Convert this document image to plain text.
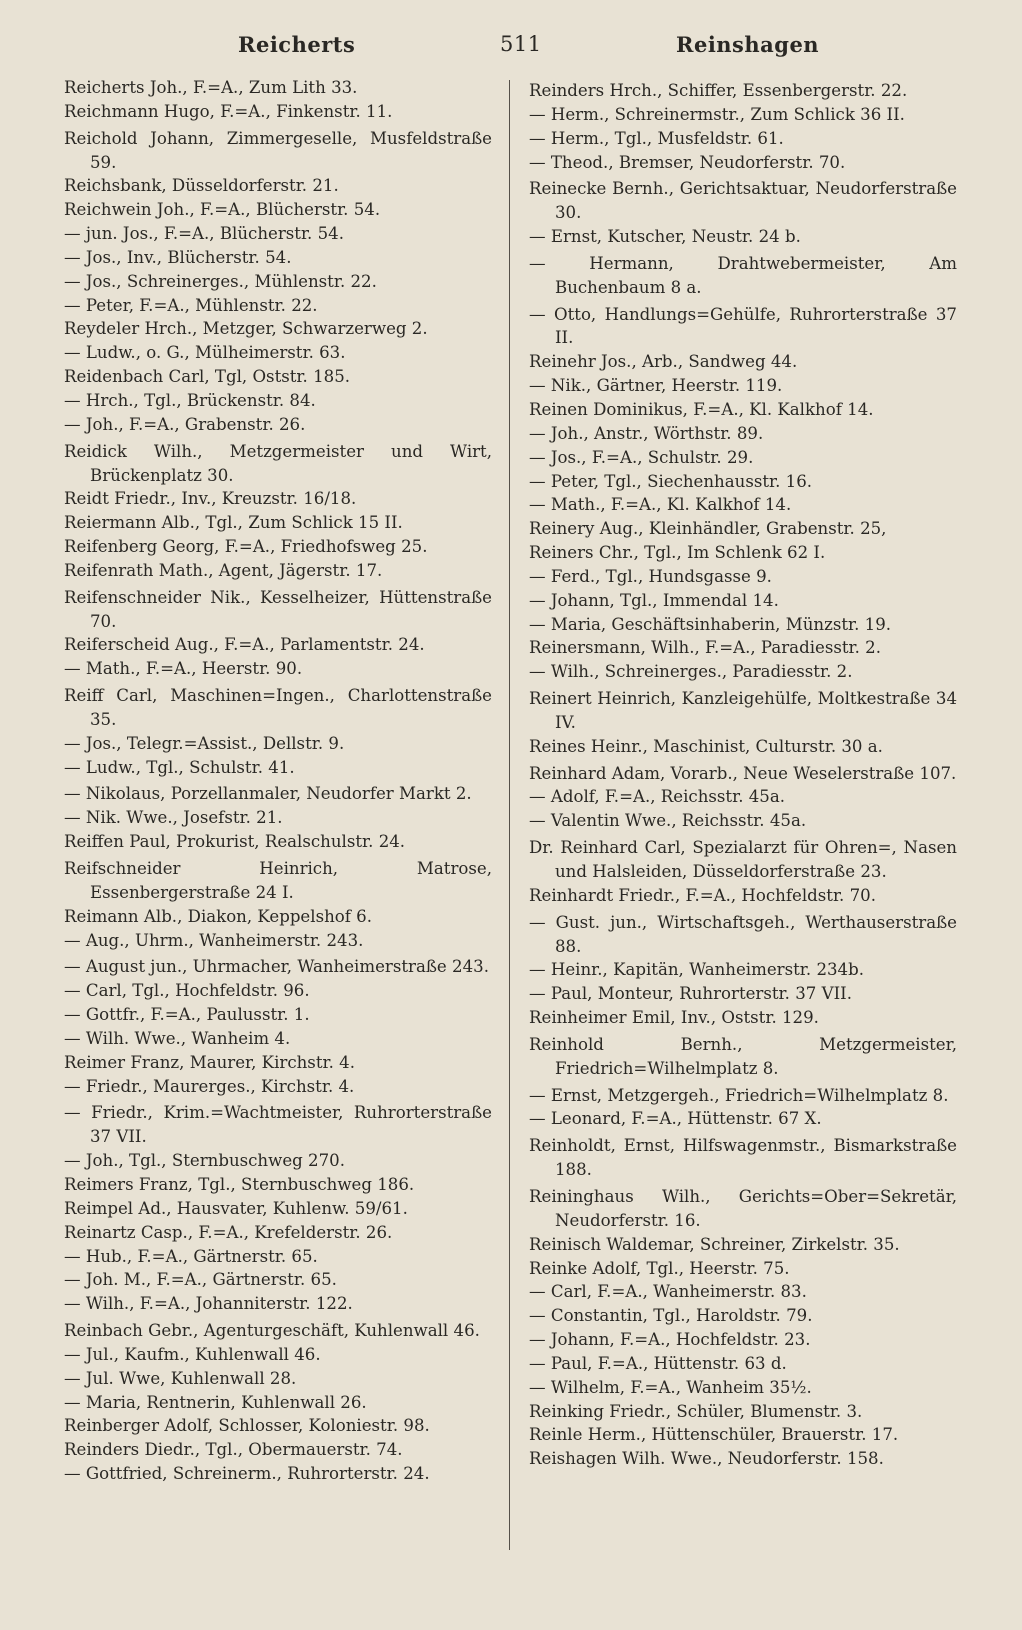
Reicherts	511	Reinshagen
Reicherts Joh., F.=A., Zum Lith 33.
Reichmann Hugo, F.=A., Finkenstr. 11.
Reichold Johann, Zimmergeselle, Musfeldstraße 59.
Reichsbank, Düsseldorferstr. 21.
Reichwein Joh., F.=A., Blücherstr. 54.
— jun. Jos., F.=A., Blücherstr. 54.
— Jos., Inv., Blücherstr. 54.
— Jos., Schreinerges., Mühlenstr. 22.
— Peter, F.=A., Mühlenstr. 22.
Reydeler Hrch., Metzger, Schwarzerweg 2.
— Ludw., o. G., Mülheimerstr. 63.
Reidenbach Carl, Tgl, Oststr. 185.
— Hrch., Tgl., Brückenstr. 84.
— Joh., F.=A., Grabenstr. 26.
Reidick Wilh., Metzgermeister und Wirt, Brückenplatz 30.
Reidt Friedr., Inv., Kreuzstr. 16/18.
Reiermann Alb., Tgl., Zum Schlick 15 II.
Reifenberg Georg, F.=A., Friedhofsweg 25.
Reifenrath Math., Agent, Jägerstr. 17.
Reifenschneider Nik., Kesselheizer, Hüttenstraße 70.
Reiferscheid Aug., F.=A., Parlamentstr. 24.
— Math., F.=A., Heerstr. 90.
Reiff Carl, Maschinen=Ingen., Charlottenstraße 35.
— Jos., Telegr.=Assist., Dellstr. 9.
— Ludw., Tgl., Schulstr. 41.
— Nikolaus, Porzellanmaler, Neudorfer Markt 2.
— Nik. Wwe., Josefstr. 21.
Reiffen Paul, Prokurist, Realschulstr. 24.
Reifschneider Heinrich, Matrose, Essenbergerstraße 24 I.
Reimann Alb., Diakon, Keppelshof 6.
— Aug., Uhrm., Wanheimerstr. 243.
— August jun., Uhrmacher, Wanheimerstraße 243.
— Carl, Tgl., Hochfeldstr. 96.
— Gottfr., F.=A., Paulusstr. 1.
— Wilh. Wwe., Wanheim 4.
Reimer Franz, Maurer, Kirchstr. 4.
— Friedr., Maurerges., Kirchstr. 4.
— Friedr., Krim.=Wachtmeister, Ruhrorterstraße 37 VII.
— Joh., Tgl., Sternbuschweg 270.
Reimers Franz, Tgl., Sternbuschweg 186.
Reimpel Ad., Hausvater, Kuhlenw. 59/61.
Reinartz Casp., F.=A., Krefelderstr. 26.
— Hub., F.=A., Gärtnerstr. 65.
— Joh. M., F.=A., Gärtnerstr. 65.
— Wilh., F.=A., Johanniterstr. 122.
Reinbach Gebr., Agenturgeschäft, Kuhlenwall 46.
— Jul., Kaufm., Kuhlenwall 46.
— Jul. Wwe, Kuhlenwall 28.
— Maria, Rentnerin, Kuhlenwall 26.
Reinberger Adolf, Schlosser, Koloniestr. 98.
Reinders Diedr., Tgl., Obermauerstr. 74.
— Gottfried, Schreinerm., Ruhrorterstr. 24.
Reinders Hrch., Schiffer, Essenbergerstr. 22.
— Herm., Schreinermstr., Zum Schlick 36 II.
— Herm., Tgl., Musfeldstr. 61.
— Theod., Bremser, Neudorferstr. 70.
Reinecke Bernh., Gerichtsaktuar, Neudorferstraße 30.
— Ernst, Kutscher, Neustr. 24 b.
— Hermann, Drahtwebermeister, Am Buchenbaum 8 a.
— Otto, Handlungs=Gehülfe, Ruhrorterstraße 37 II.
Reinehr Jos., Arb., Sandweg 44.
— Nik., Gärtner, Heerstr. 119.
Reinen Dominikus, F.=A., Kl. Kalkhof 14.
— Joh., Anstr., Wörthstr. 89.
— Jos., F.=A., Schulstr. 29.
— Peter, Tgl., Siechenhausstr. 16.
— Math., F.=A., Kl. Kalkhof 14.
Reinery Aug., Kleinhändler, Grabenstr. 25,
Reiners Chr., Tgl., Im Schlenk 62 I.
— Ferd., Tgl., Hundsgasse 9.
— Johann, Tgl., Immendal 14.
— Maria, Geschäftsinhaberin, Münzstr. 19.
Reinersmann, Wilh., F.=A., Paradiesstr. 2.
— Wilh., Schreinerges., Paradiesstr. 2.
Reinert Heinrich, Kanzleigehülfe, Moltkestraße 34 IV.
Reines Heinr., Maschinist, Culturstr. 30 a.
Reinhard Adam, Vorarb., Neue Weselerstraße 107.
— Adolf, F.=A., Reichsstr. 45a.
— Valentin Wwe., Reichsstr. 45a.
Dr. Reinhard Carl, Spezialarzt für Ohren=, Nasen und Halsleiden, Düsseldorferstraße 23.
Reinhardt Friedr., F.=A., Hochfeldstr. 70.
— Gust. jun., Wirtschaftsgeh., Werthauserstraße 88.
— Heinr., Kapitän, Wanheimerstr. 234b.
— Paul, Monteur, Ruhrorterstr. 37 VII.
Reinheimer Emil, Inv., Oststr. 129.
Reinhold Bernh., Metzgermeister, Friedrich=Wilhelmplatz 8.
— Ernst, Metzgergeh., Friedrich=Wilhelmplatz 8.
— Leonard, F.=A., Hüttenstr. 67 X.
Reinholdt, Ernst, Hilfswagenmstr., Bismarkstraße 188.
Reininghaus Wilh., Gerichts=Ober=Sekretär, Neudorferstr. 16.
Reinisch Waldemar, Schreiner, Zirkelstr. 35.
Reinke Adolf, Tgl., Heerstr. 75.
— Carl, F.=A., Wanheimerstr. 83.
— Constantin, Tgl., Haroldstr. 79.
— Johann, F.=A., Hochfeldstr. 23.
— Paul, F.=A., Hüttenstr. 63 d.
— Wilhelm, F.=A., Wanheim 35½.
Reinking Friedr., Schüler, Blumenstr. 3.
Reinle Herm., Hüttenschüler, Brauerstr. 17.
Reishagen Wilh. Wwe., Neudorferstr. 158.
